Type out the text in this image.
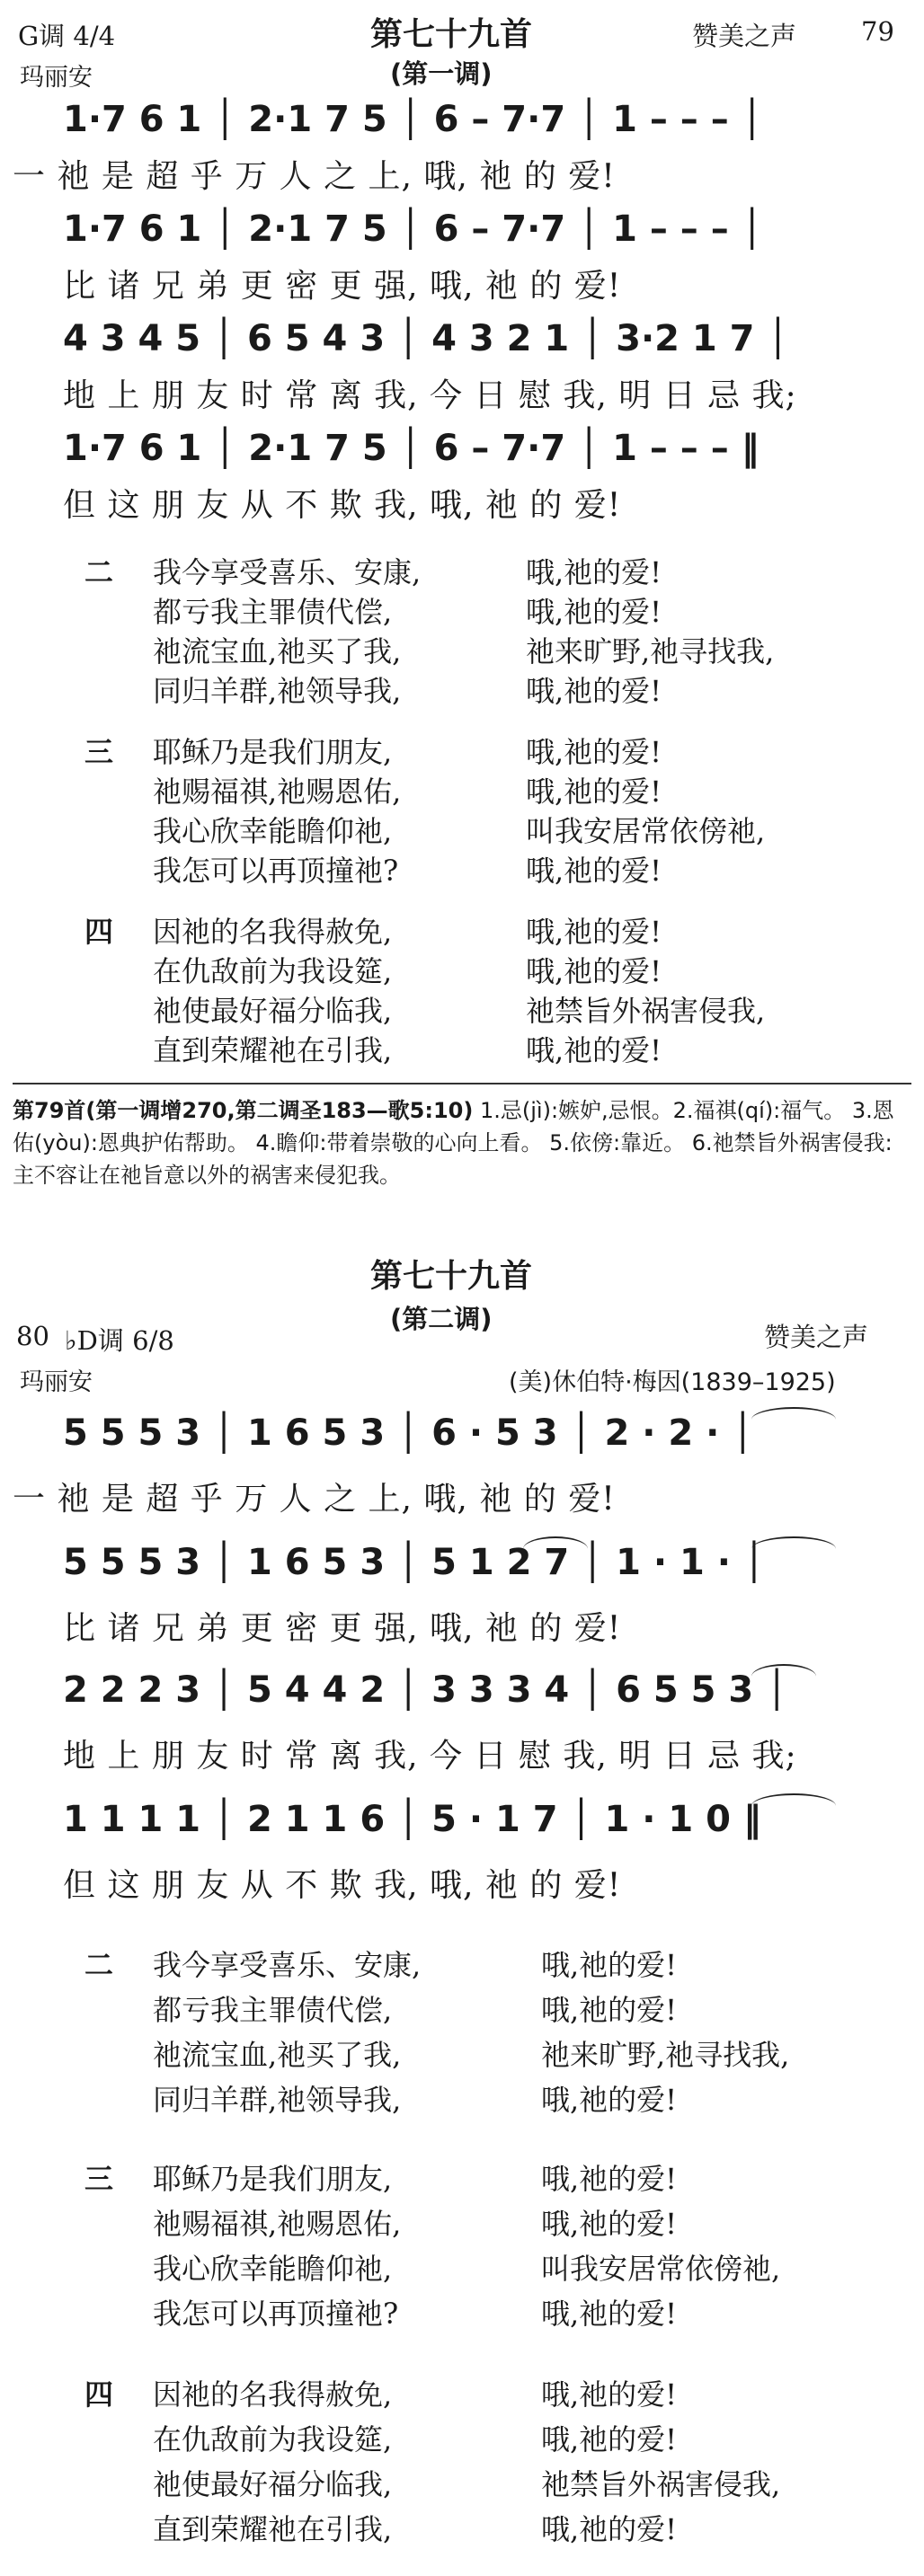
G调 4/4	第七十九首	赞美之声 79
玛丽安	(第一调)
1·7 6 1 │ 2·1 7 5 │ 6 – 7·7 │ 1 – – – │
一 祂 是 超 乎 万 人 之 上, 哦, 祂 的 爱!
1·7 6 1 │ 2·1 7 5 │ 6 – 7·7 │ 1 – – – │
比 诸 兄 弟 更 密 更 强, 哦, 祂 的 爱!
4 3 4 5 │ 6 5 4 3 │ 4 3 2 1 │ 3·2 1 7 │
地 上 朋 友 时 常 离 我, 今 日 慰 我, 明 日 忌 我;
1·7 6 1 │ 2·1 7 5 │ 6 – 7·7 │ 1 – – – ‖
但 这 朋 友 从 不 欺 我, 哦, 祂 的 爱!
二 我今享受喜乐、安康,	哦,祂的爱!
都亏我主罪债代偿,	哦,祂的爱!
祂流宝血,祂买了我,	祂来旷野,祂寻找我,
同归羊群,祂领导我,	哦,祂的爱!
三 耶稣乃是我们朋友,	哦,祂的爱!
祂赐福祺,祂赐恩佑,	哦,祂的爱!
我心欣幸能瞻仰祂,	叫我安居常依傍祂,
我怎可以再顶撞祂?	哦,祂的爱!
四 因祂的名我得赦免,	哦,祂的爱!
在仇敌前为我设筵,	哦,祂的爱!
祂使最好福分临我,	祂禁旨外祸害侵我,
直到荣耀祂在引我,	哦,祂的爱!
第79首(第一调增270,第二调圣183—歌5:10) 1.忌(jì):嫉妒,忌恨。2.福祺(qí):福气。 3.恩佑(yòu):恩典护佑帮助。 4.瞻仰:带着崇敬的心向上看。 5.依傍:靠近。 6.祂禁旨外祸害侵我:主不容让在祂旨意以外的祸害来侵犯我。
第七十九首
80 ♭D调 6/8
(第二调)
赞美之声
玛丽安	(美)休伯特·梅因(1839–1925)
5 5 5 3 │ 1 6 5 3 │ 6 · 5 3 │ 2 · 2 · │
一 祂 是 超 乎 万 人 之 上, 哦, 祂 的 爱!
5 5 5 3 │ 1 6 5 3 │ 5 1 2 7 │ 1 · 1 · │
比 诸 兄 弟 更 密 更 强, 哦, 祂 的 爱!
2 2 2 3 │ 5 4 4 2 │ 3 3 3 4 │ 6 5 5 3 │
地 上 朋 友 时 常 离 我, 今 日 慰 我, 明 日 忌 我;
1 1 1 1 │ 2 1 1 6 │ 5 · 1 7 │ 1 · 1 0 ‖
但 这 朋 友 从 不 欺 我, 哦, 祂 的 爱!
二 我今享受喜乐、安康,	哦,祂的爱!
都亏我主罪债代偿,	哦,祂的爱!
祂流宝血,祂买了我,	祂来旷野,祂寻找我,
同归羊群,祂领导我,	哦,祂的爱!
三 耶稣乃是我们朋友,	哦,祂的爱!
祂赐福祺,祂赐恩佑,	哦,祂的爱!
我心欣幸能瞻仰祂,	叫我安居常依傍祂,
我怎可以再顶撞祂?	哦,祂的爱!
四 因祂的名我得赦免,	哦,祂的爱!
在仇敌前为我设筵,	哦,祂的爱!
祂使最好福分临我,	祂禁旨外祸害侵我,
直到荣耀祂在引我,	哦,祂的爱!
